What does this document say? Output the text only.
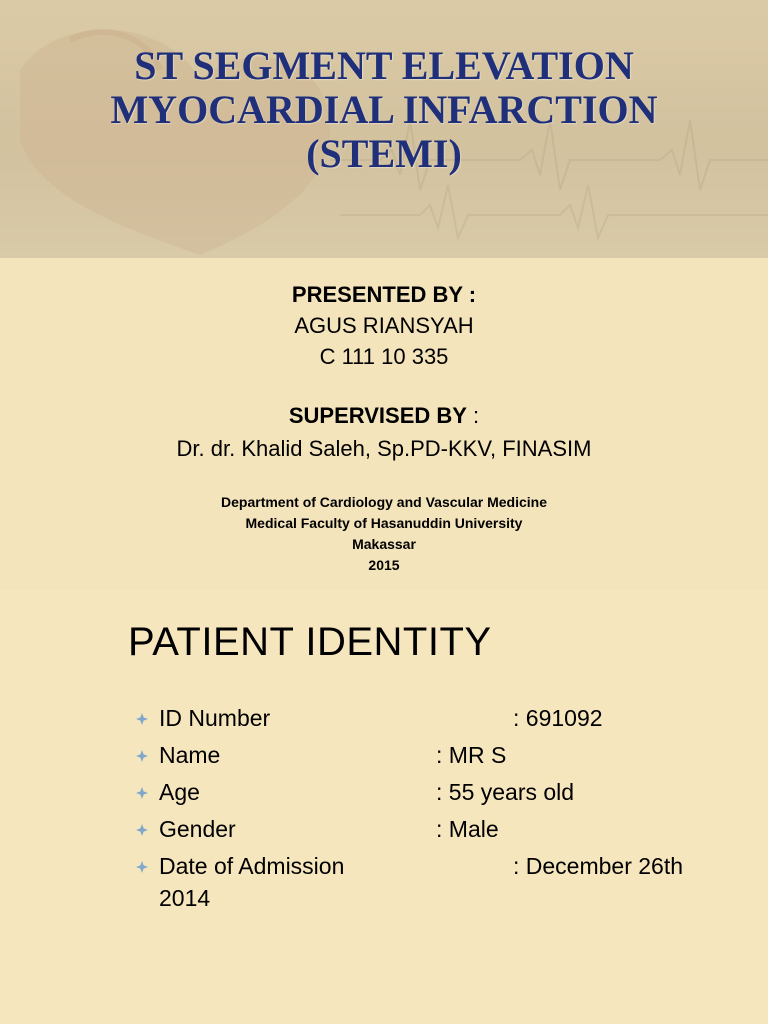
ST SEGMENT ELEVATION
MYOCARDIAL INFARCTION
(STEMI)
PRESENTED BY :
AGUS RIANSYAH
C 111 10 335
SUPERVISED BY :
Dr. dr. Khalid Saleh, Sp.PD-KKV, FINASIM
Department of Cardiology and Vascular Medicine
Medical Faculty of Hasanuddin University
Makassar
2015
PATIENT IDENTITY
ID Number	: 691092
Name	: MR S
Age	: 55 years old
Gender	: Male
Date of Admission	: December 26th
2014
